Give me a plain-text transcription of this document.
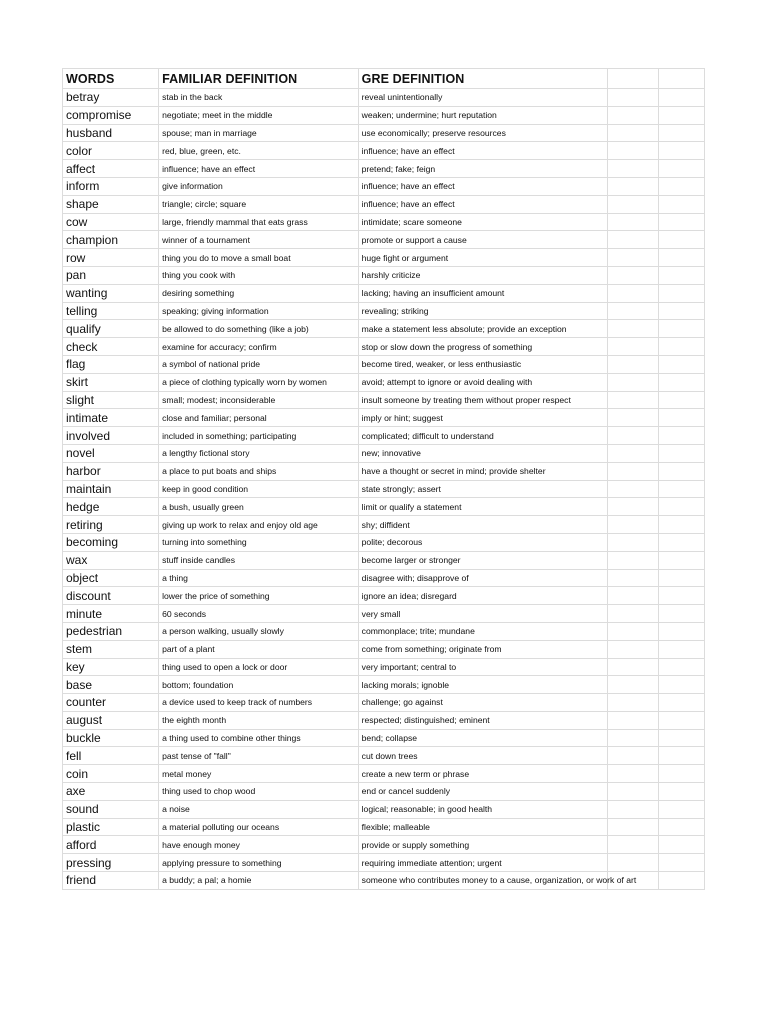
WORDS	FAMILIAR DEFINITION	GRE DEFINITION		
betray	stab in the back	reveal unintentionally		
compromise	negotiate; meet in the middle	weaken; undermine; hurt reputation		
husband	spouse; man in marriage	use economically; preserve resources		
color	red, blue, green, etc.	influence; have an effect		
affect	influence; have an effect	pretend; fake; feign		
inform	give information	influence; have an effect		
shape	triangle; circle; square	influence; have an effect		
cow	large, friendly mammal that eats grass	intimidate; scare someone		
champion	winner of a tournament	promote or support a cause		
row	thing you do to move a small boat	huge fight or argument		
pan	thing you cook with	harshly criticize		
wanting	desiring something	lacking; having an insufficient amount		
telling	speaking; giving information	revealing; striking		
qualify	be allowed to do something (like a job)	make a statement less absolute; provide an exception		
check	examine for accuracy; confirm	stop or slow down the progress of something		
flag	a symbol of national pride	become tired, weaker, or less enthusiastic		
skirt	a piece of clothing typically worn by women	avoid; attempt to ignore or avoid dealing with		
slight	small; modest; inconsiderable	insult someone by treating them without proper respect		
intimate	close and familiar; personal	imply or hint; suggest		
involved	included in something; participating	complicated; difficult to understand		
novel	a lengthy fictional story	new; innovative		
harbor	a place to put boats and ships	have a thought or secret in mind; provide shelter		
maintain	keep in good condition	state strongly; assert		
hedge	a bush, usually green	limit or qualify a statement		
retiring	giving up work to relax and enjoy old age	shy; diffident		
becoming	turning into something	polite; decorous		
wax	stuff inside candles	become larger or stronger		
object	a thing	disagree with; disapprove of		
discount	lower the price of something	ignore an idea; disregard		
minute	60 seconds	very small		
pedestrian	a person walking, usually slowly	commonplace; trite; mundane		
stem	part of a plant	come from something; originate from		
key	thing used to open a lock or door	very important; central to		
base	bottom; foundation	lacking morals; ignoble		
counter	a device used to keep track of numbers	challenge; go against		
august	the eighth month	respected; distinguished; eminent		
buckle	a thing used to combine other things	bend; collapse		
fell	past tense of "fall"	cut down trees		
coin	metal money	create a new term or phrase		
axe	thing used to chop wood	end or cancel suddenly		
sound	a noise	logical; reasonable; in good health		
plastic	a material polluting our oceans	flexible; malleable		
afford	have enough money	provide or supply something		
pressing	applying pressure to something	requiring immediate attention; urgent		
friend	a buddy; a pal; a homie	someone who contributes money to a cause, organization, or work of art		
